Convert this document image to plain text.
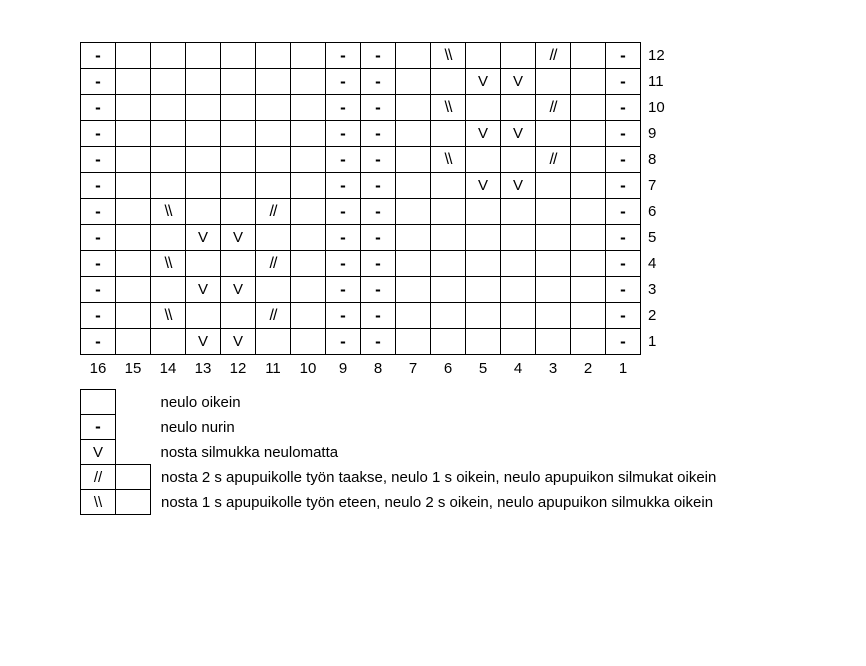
-							-	-		\\			//		-	12
-							-	-			V	V			-	11
-							-	-		\\			//		-	10
-							-	-			V	V			-	9
-							-	-		\\			//		-	8
-							-	-			V	V			-	7
-		\\			//		-	-							-	6
-			V	V			-	-							-	5
-		\\			//		-	-							-	4
-			V	V			-	-							-	3
-		\\			//		-	-							-	2
-			V	V			-	-							-	1
16	15	14	13	12	11	10	9	8	7	6	5	4	3	2	1	
		neulo oikein
-		neulo nurin
V		nosta silmukka neulomatta
//		nosta 2 s apupuikolle työn taakse, neulo 1 s oikein, neulo apupuikon silmukat oikein
\\		nosta 1 s apupuikolle työn eteen, neulo 2 s oikein, neulo apupuikon silmukka oikein
